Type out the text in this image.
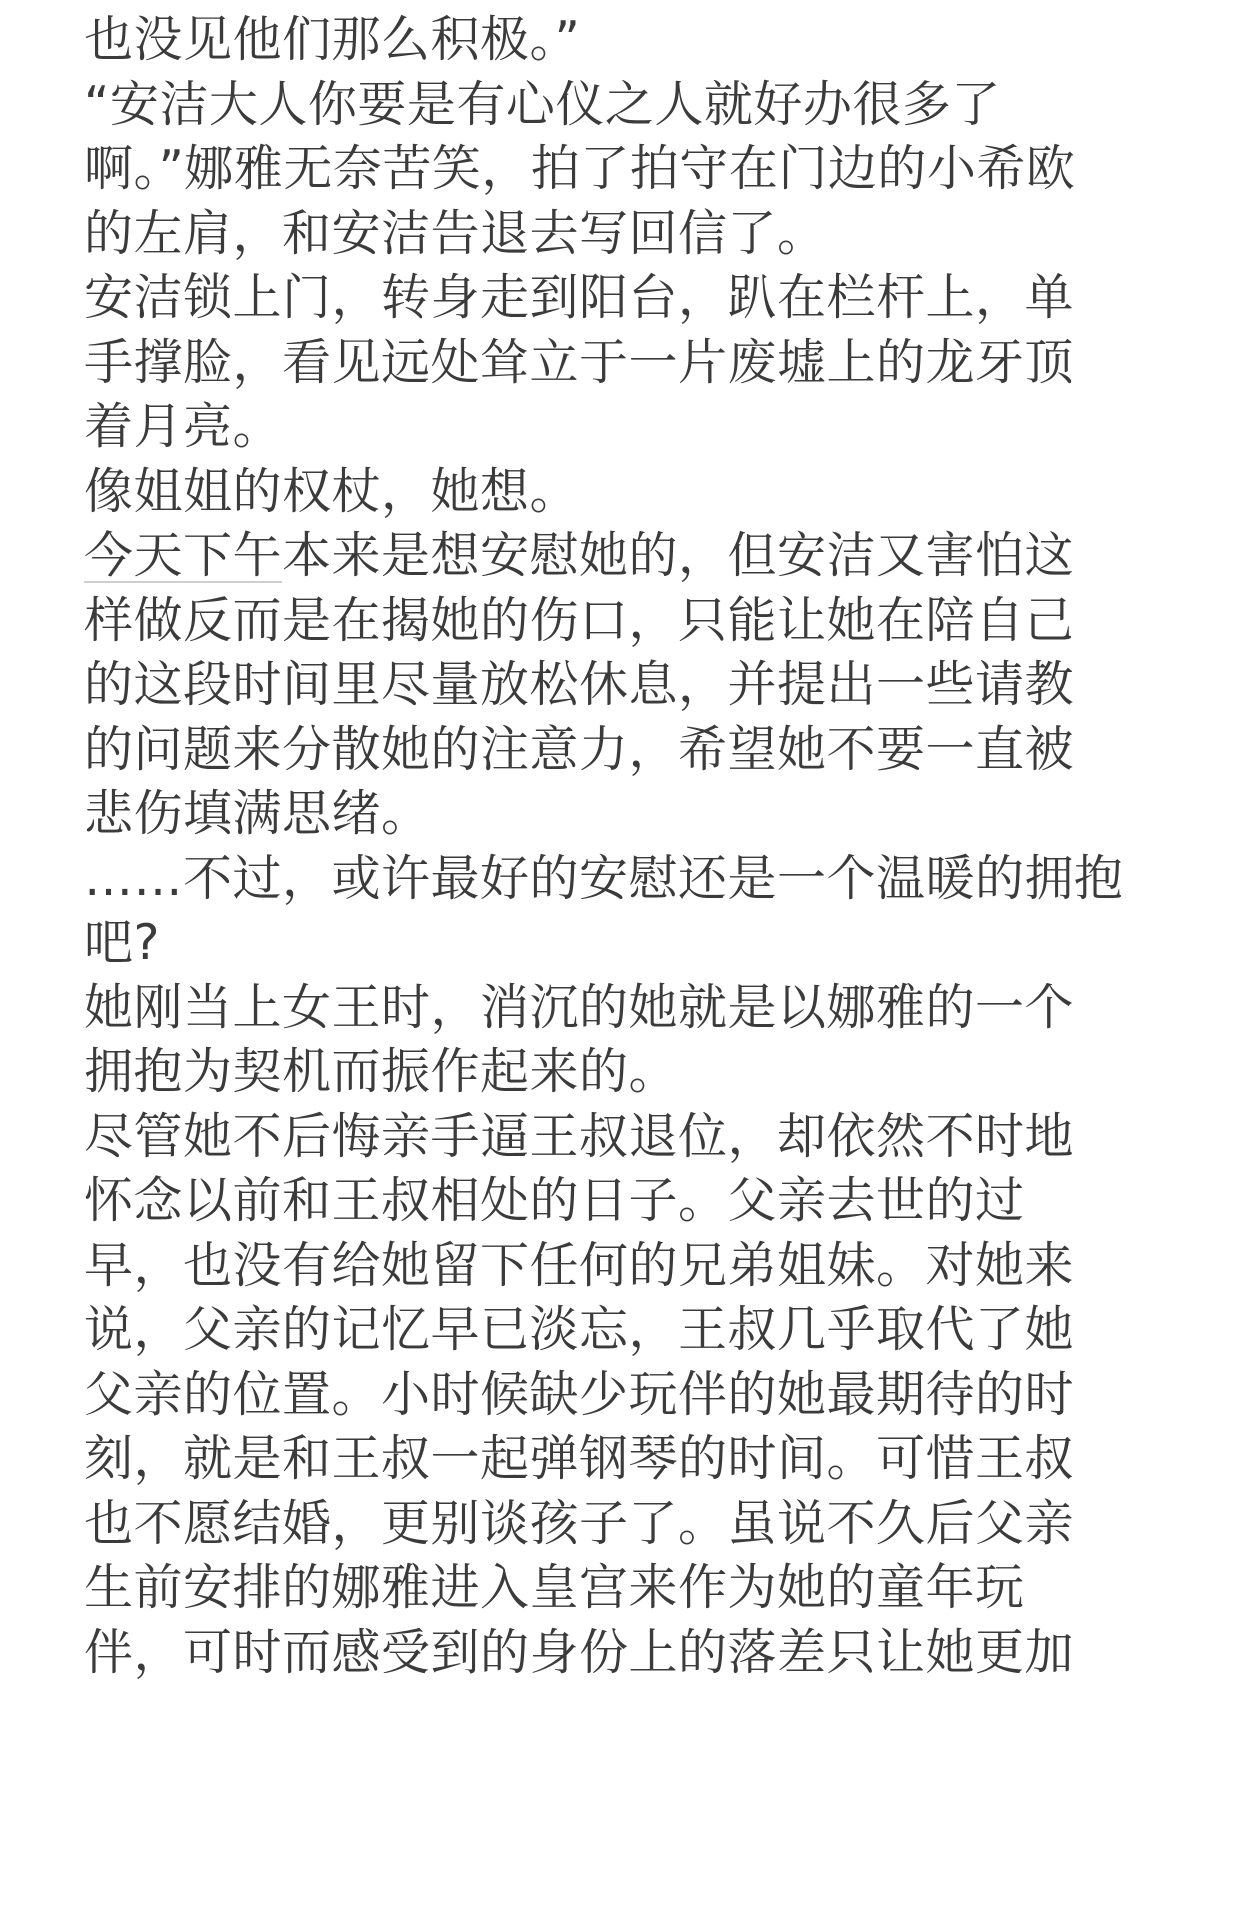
也没见他们那么积极。”
“安洁大人你要是有心仪之人就好办很多了
啊。”娜雅无奈苦笑，拍了拍守在门边的小希欧
的左肩，和安洁告退去写回信了。
安洁锁上门，转身走到阳台，趴在栏杆上，单
手撑脸，看见远处耸立于一片废墟上的龙牙顶
着月亮。
像姐姐的权杖，她想。
今天下午本来是想安慰她的，但安洁又害怕这
样做反而是在揭她的伤口，只能让她在陪自己
的这段时间里尽量放松休息，并提出一些请教
的问题来分散她的注意力，希望她不要一直被
悲伤填满思绪。
……不过，或许最好的安慰还是一个温暖的拥抱
吧?
她刚当上女王时，消沉的她就是以娜雅的一个
拥抱为契机而振作起来的。
尽管她不后悔亲手逼王叔退位，却依然不时地
怀念以前和王叔相处的日子。父亲去世的过
早，也没有给她留下任何的兄弟姐妹。对她来
说，父亲的记忆早已淡忘，王叔几乎取代了她
父亲的位置。小时候缺少玩伴的她最期待的时
刻，就是和王叔一起弹钢琴的时间。可惜王叔
也不愿结婚，更别谈孩子了。虽说不久后父亲
生前安排的娜雅进入皇宫来作为她的童年玩
伴，可时而感受到的身份上的落差只让她更加
